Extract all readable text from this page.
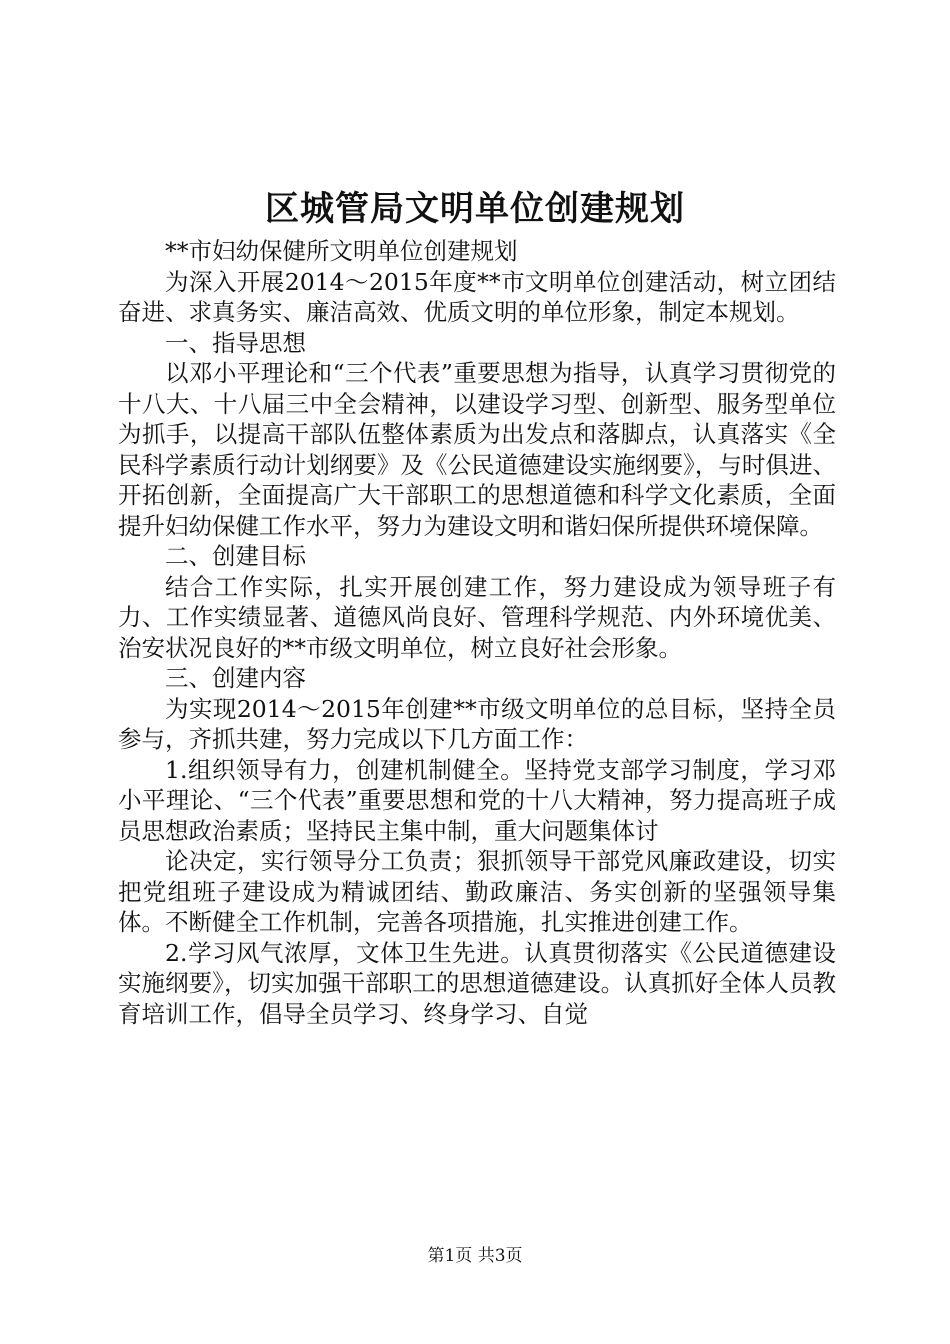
区城管局文明单位创建规划

**市妇幼保健所文明单位创建规划

为深入开展2014～2015年度**市文明单位创建活动，树立团结奋进、求真务实、廉洁高效、优质文明的单位形象，制定本规划。

一、指导思想

以邓小平理论和“三个代表”重要思想为指导，认真学习贯彻党的十八大、十八届三中全会精神，以建设学习型、创新型、服务型单位为抓手，以提高干部队伍整体素质为出发点和落脚点，认真落实《全民科学素质行动计划纲要》及《公民道德建设实施纲要》，与时俱进、开拓创新，全面提高广大干部职工的思想道德和科学文化素质，全面提升妇幼保健工作水平，努力为建设文明和谐妇保所提供环境保障。

二、创建目标

结合工作实际，扎实开展创建工作，努力建设成为领导班子有力、工作实绩显著、道德风尚良好、管理科学规范、内外环境优美、治安状况良好的**市级文明单位，树立良好社会形象。

三、创建内容

为实现2014～2015年创建**市级文明单位的总目标，坚持全员参与，齐抓共建，努力完成以下几方面工作：

1.组织领导有力，创建机制健全。坚持党支部学习制度，学习邓小平理论、“三个代表”重要思想和党的十八大精神，努力提高班子成员思想政治素质；坚持民主集中制，重大问题集体讨

论决定，实行领导分工负责；狠抓领导干部党风廉政建设，切实把党组班子建设成为精诚团结、勤政廉洁、务实创新的坚强领导集体。不断健全工作机制，完善各项措施，扎实推进创建工作。

2.学习风气浓厚，文体卫生先进。认真贯彻落实《公民道德建设实施纲要》，切实加强干部职工的思想道德建设。认真抓好全体人员教育培训工作，倡导全员学习、终身学习、自觉

第1页 共3页
